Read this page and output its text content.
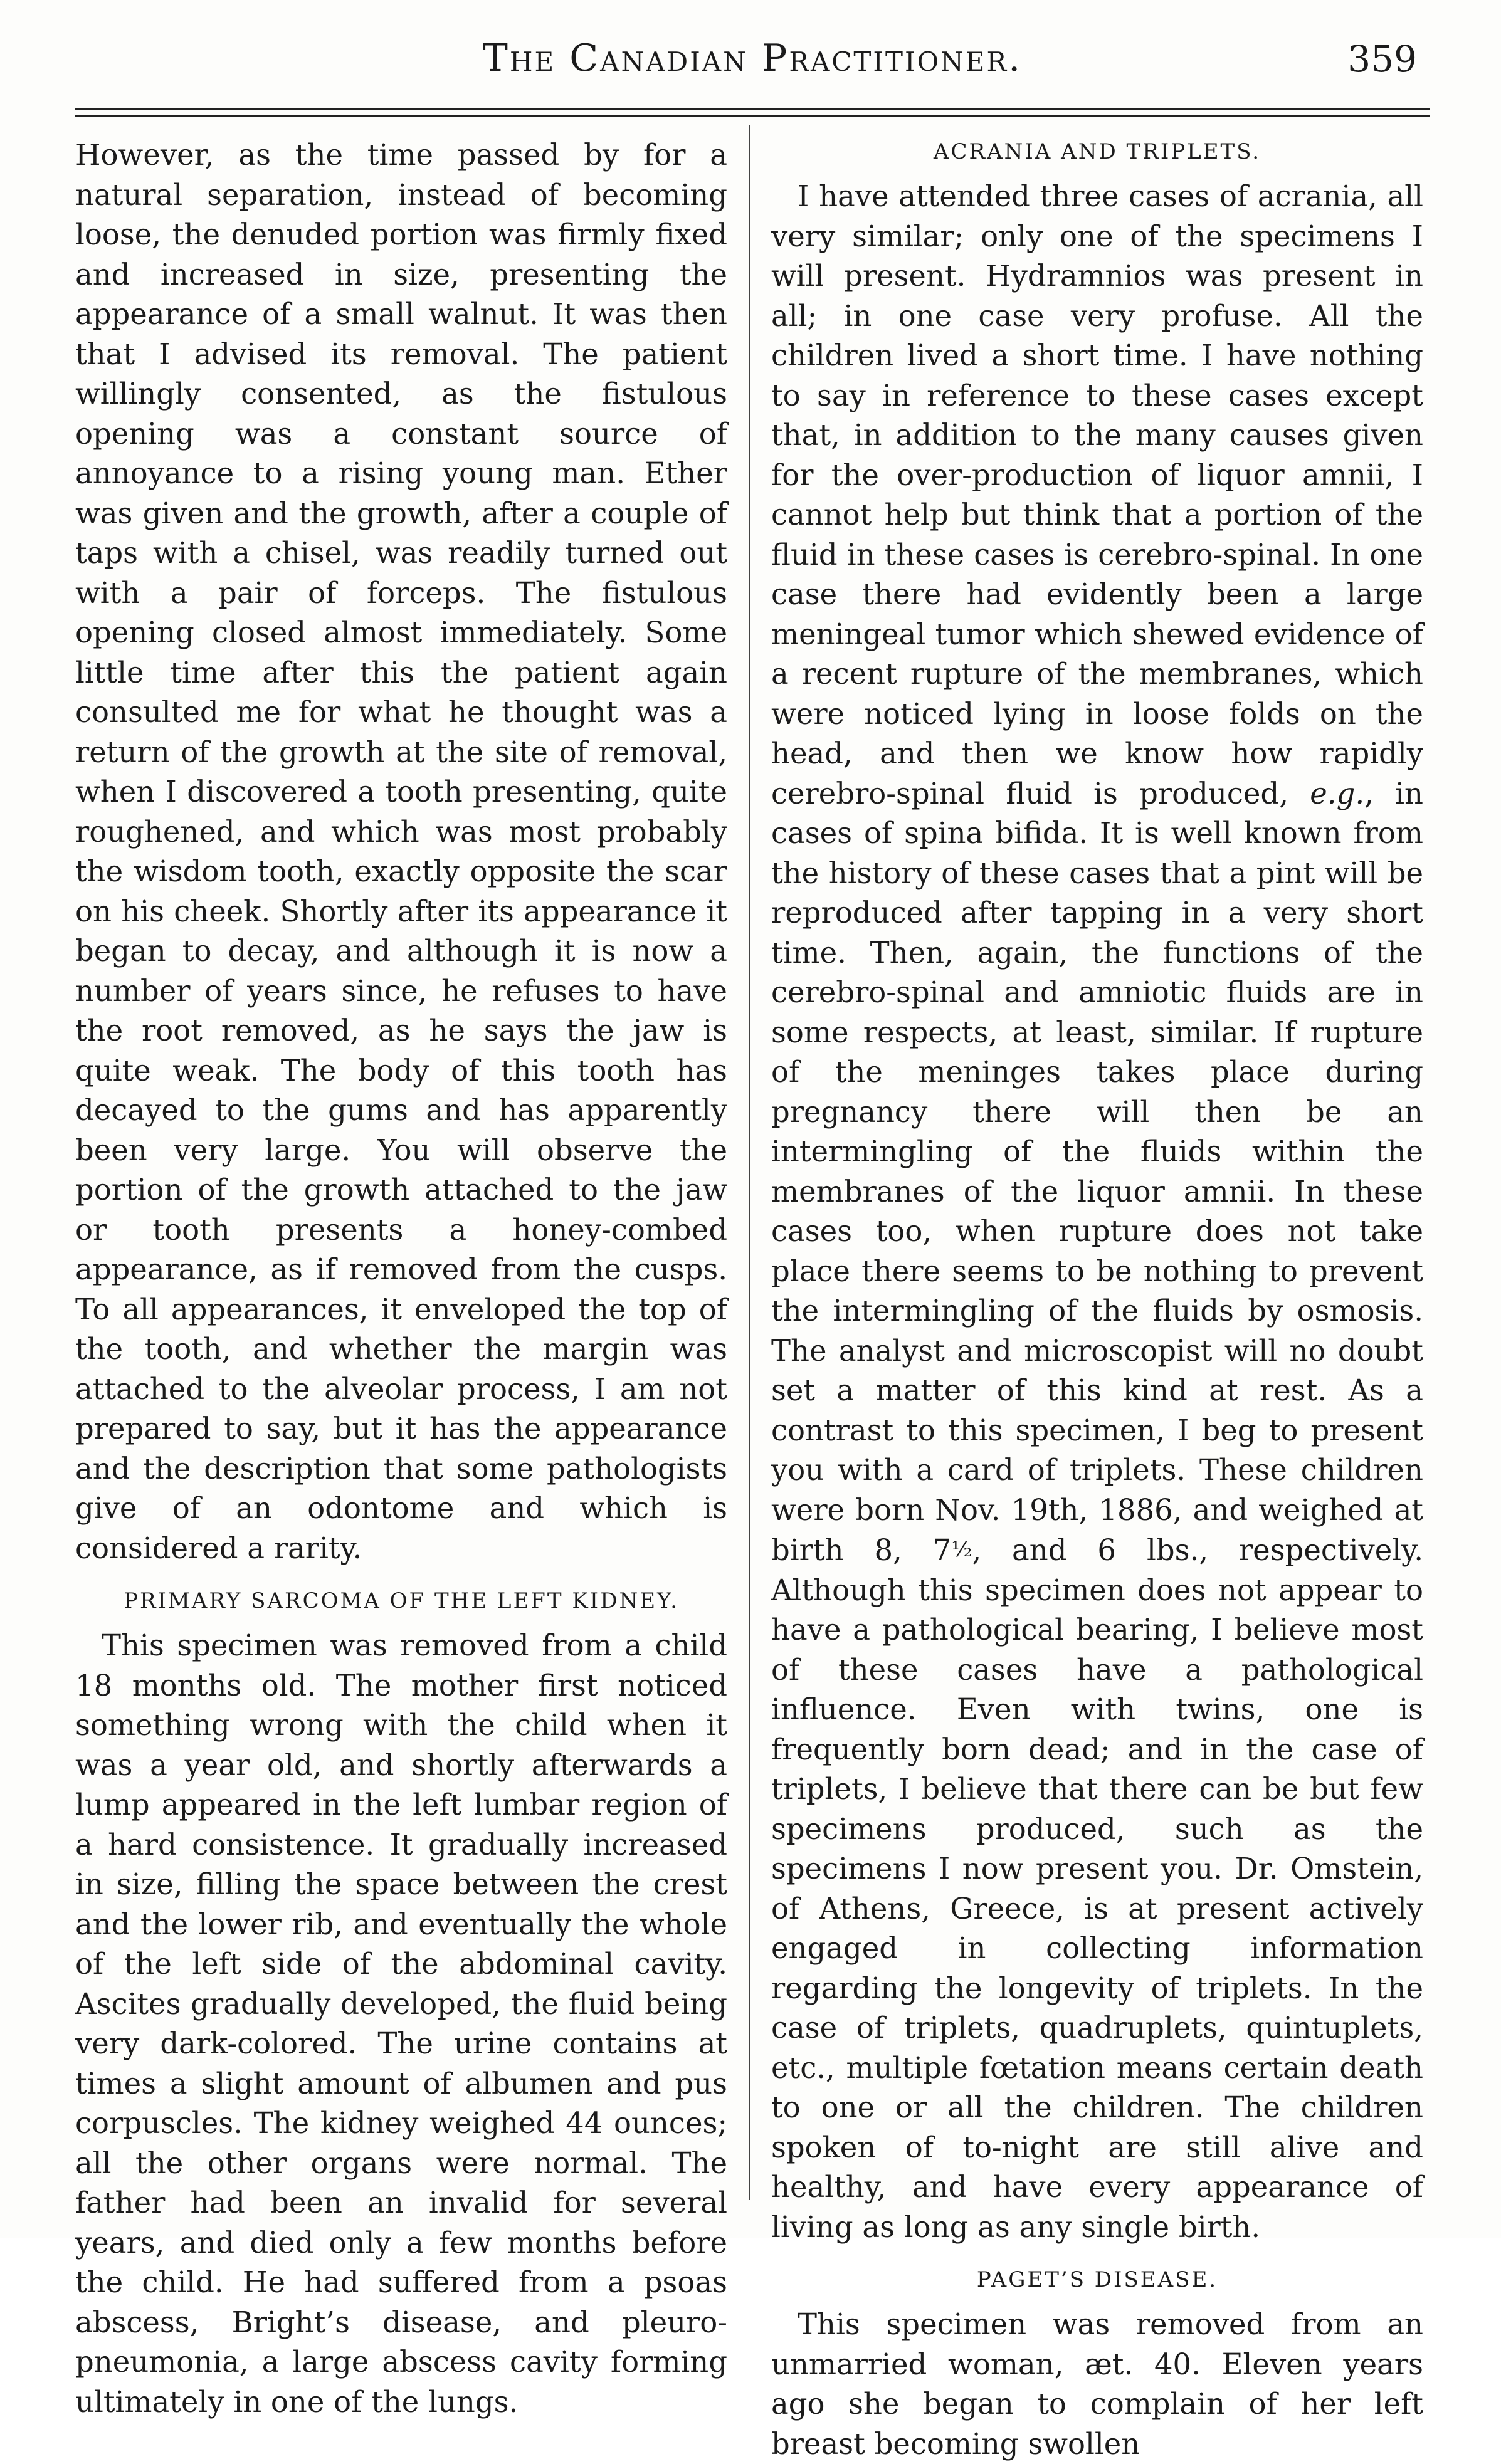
The Canadian Practitioner.	359

However, as the time passed by for a natural separation, instead of becoming loose, the denuded portion was firmly fixed and increased in size, presenting the appearance of a small walnut. It was then that I advised its removal. The patient willingly consented, as the fistulous opening was a constant source of annoyance to a rising young man. Ether was given and the growth, after a couple of taps with a chisel, was readily turned out with a pair of forceps. The fistulous opening closed almost immediately. Some little time after this the patient again consulted me for what he thought was a return of the growth at the site of removal, when I discovered a tooth presenting, quite roughened, and which was most probably the wisdom tooth, exactly opposite the scar on his cheek. Shortly after its appearance it began to decay, and although it is now a number of years since, he refuses to have the root removed, as he says the jaw is quite weak. The body of this tooth has decayed to the gums and has apparently been very large. You will observe the portion of the growth attached to the jaw or tooth presents a honey-combed appearance, as if removed from the cusps. To all appearances, it enveloped the top of the tooth, and whether the margin was attached to the alveolar process, I am not prepared to say, but it has the appearance and the description that some pathologists give of an odontome and which is considered a rarity.

PRIMARY SARCOMA OF THE LEFT KIDNEY.

This specimen was removed from a child 18 months old. The mother first noticed something wrong with the child when it was a year old, and shortly afterwards a lump appeared in the left lumbar region of a hard consistence. It gradually increased in size, filling the space between the crest and the lower rib, and eventually the whole of the left side of the abdominal cavity. Ascites gradually developed, the fluid being very dark-colored. The urine contains at times a slight amount of albumen and pus corpuscles. The kidney weighed 44 ounces; all the other organs were normal. The father had been an invalid for several years, and died only a few months before the child. He had suffered from a psoas abscess, Bright’s disease, and pleuro-pneumonia, a large abscess cavity forming ultimately in one of the lungs.

ACRANIA AND TRIPLETS.

I have attended three cases of acrania, all very similar; only one of the specimens I will present. Hydramnios was present in all; in one case very profuse. All the children lived a short time. I have nothing to say in reference to these cases except that, in addition to the many causes given for the over-production of liquor amnii, I cannot help but think that a portion of the fluid in these cases is cerebro-spinal. In one case there had evidently been a large meningeal tumor which shewed evidence of a recent rupture of the membranes, which were noticed lying in loose folds on the head, and then we know how rapidly cerebro-spinal fluid is produced, e.g., in cases of spina bifida. It is well known from the history of these cases that a pint will be reproduced after tapping in a very short time. Then, again, the functions of the cerebro-spinal and amniotic fluids are in some respects, at least, similar. If rupture of the meninges takes place during pregnancy there will then be an intermingling of the fluids within the membranes of the liquor amnii. In these cases too, when rupture does not take place there seems to be nothing to prevent the intermingling of the fluids by osmosis. The analyst and microscopist will no doubt set a matter of this kind at rest. As a contrast to this specimen, I beg to present you with a card of triplets. These children were born Nov. 19th, 1886, and weighed at birth 8, 7½, and 6 lbs., respectively. Although this specimen does not appear to have a pathological bearing, I believe most of these cases have a pathological influence. Even with twins, one is frequently born dead; and in the case of triplets, I believe that there can be but few specimens produced, such as the specimens I now present you. Dr. Omstein, of Athens, Greece, is at present actively engaged in collecting information regarding the longevity of triplets. In the case of triplets, quadruplets, quintuplets, etc., multiple fœtation means certain death to one or all the children. The children spoken of to-night are still alive and healthy, and have every appearance of living as long as any single birth.

PAGET’S DISEASE.

This specimen was removed from an unmarried woman, æt. 40. Eleven years ago she began to complain of her left breast becoming swollen
